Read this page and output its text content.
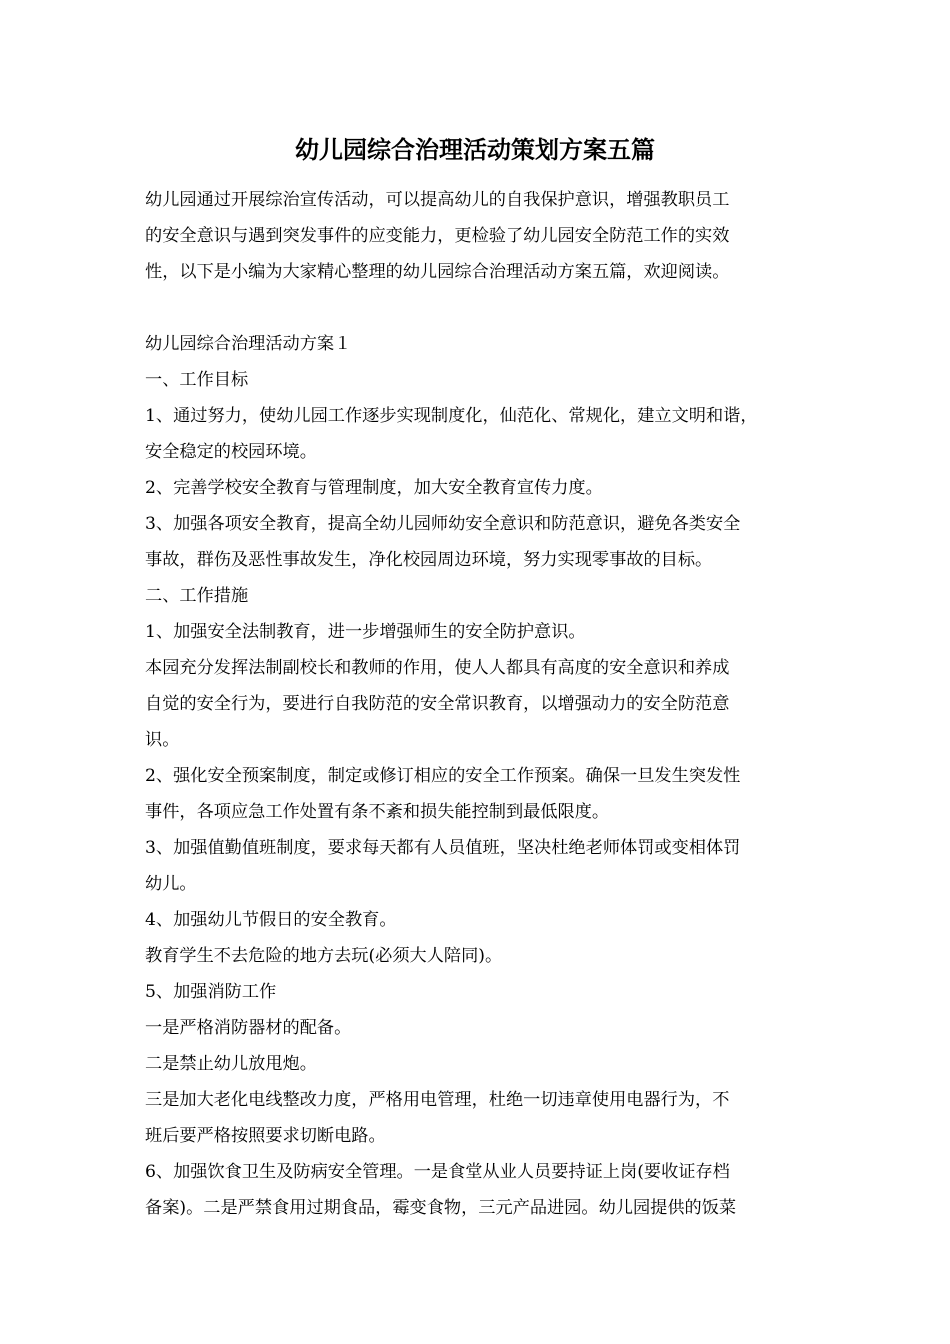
幼儿园综合治理活动策划方案五篇
幼儿园通过开展综治宣传活动，可以提高幼儿的自我保护意识，增强教职员工
的安全意识与遇到突发事件的应变能力，更检验了幼儿园安全防范工作的实效
性，以下是小编为大家精心整理的幼儿园综合治理活动方案五篇，欢迎阅读。
幼儿园综合治理活动方案１
一、工作目标
1、通过努力，使幼儿园工作逐步实现制度化，仙范化、常规化，建立文明和谐，
安全稳定的校园环境。
2、完善学校安全教育与管理制度，加大安全教育宣传力度。
3、加强各项安全教育，提高全幼儿园师幼安全意识和防范意识，避免各类安全
事故，群伤及恶性事故发生，净化校园周边环境，努力实现零事故的目标。
二、工作措施
1、加强安全法制教育，进一步增强师生的安全防护意识。
本园充分发挥法制副校长和教师的作用，使人人都具有高度的安全意识和养成
自觉的安全行为，要进行自我防范的安全常识教育，以增强动力的安全防范意
识。
2、强化安全预案制度，制定或修订相应的安全工作预案。确保一旦发生突发性
事件，各项应急工作处置有条不紊和损失能控制到最低限度。
3、加强值勤值班制度，要求每天都有人员值班，坚决杜绝老师体罚或变相体罚
幼儿。
4、加强幼儿节假日的安全教育。
教育学生不去危险的地方去玩(必须大人陪同)。
5、加强消防工作
一是严格消防器材的配备。
二是禁止幼儿放甩炮。
三是加大老化电线整改力度，严格用电管理，杜绝一切违章使用电器行为，不
班后要严格按照要求切断电路。
6、加强饮食卫生及防病安全管理。一是食堂从业人员要持证上岗(要收证存档
备案)。二是严禁食用过期食品，霉变食物，三元产品进园。幼儿园提供的饭菜
